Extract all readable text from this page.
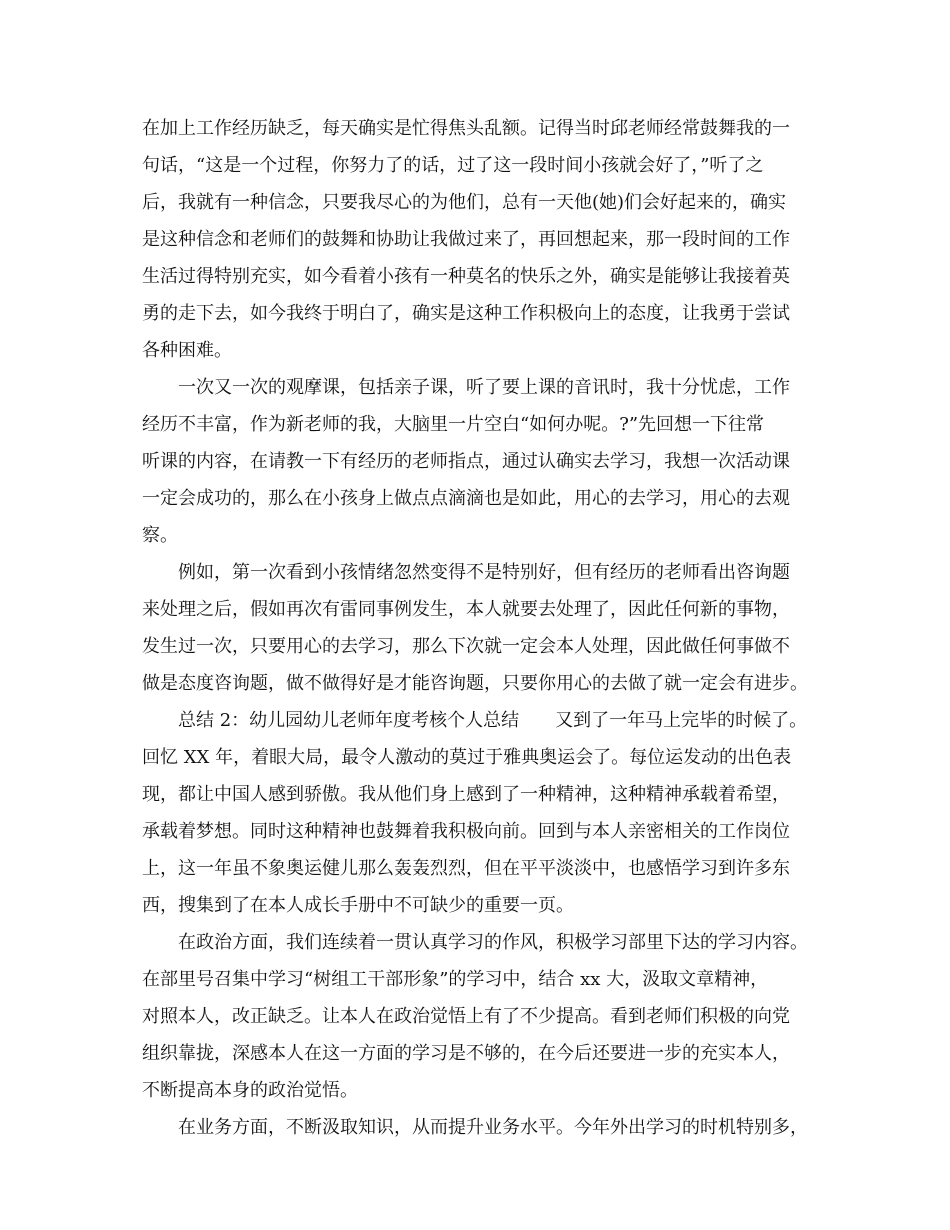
在加上工作经历缺乏，每天确实是忙得焦头乱额。记得当时邱老师经常鼓舞我的一
句话，“这是一个过程，你努力了的话，过了这一段时间小孩就会好了，”听了之
后，我就有一种信念，只要我尽心的为他们，总有一天他(她)们会好起来的，确实
是这种信念和老师们的鼓舞和协助让我做过来了，再回想起来，那一段时间的工作
生活过得特别充实，如今看着小孩有一种莫名的快乐之外，确实是能够让我接着英
勇的走下去，如今我终于明白了，确实是这种工作积极向上的态度，让我勇于尝试
各种困难。
　　一次又一次的观摩课，包括亲子课，听了要上课的音讯时，我十分忧虑，工作
经历不丰富，作为新老师的我，大脑里一片空白“如何办呢。?”先回想一下往常
听课的内容，在请教一下有经历的老师指点，通过认确实去学习，我想一次活动课
一定会成功的，那么在小孩身上做点点滴滴也是如此，用心的去学习，用心的去观
察。
　　例如，第一次看到小孩情绪忽然变得不是特别好，但有经历的老师看出咨询题
来处理之后，假如再次有雷同事例发生，本人就要去处理了，因此任何新的事物，
发生过一次，只要用心的去学习，那么下次就一定会本人处理，因此做任何事做不
做是态度咨询题，做不做得好是才能咨询题，只要你用心的去做了就一定会有进步。
　　总结 2：幼儿园幼儿老师年度考核个人总结　　又到了一年马上完毕的时候了。
回忆 XX 年，着眼大局，最令人激动的莫过于雅典奥运会了。每位运发动的出色表
现，都让中国人感到骄傲。我从他们身上感到了一种精神，这种精神承载着希望，
承载着梦想。同时这种精神也鼓舞着我积极向前。回到与本人亲密相关的工作岗位
上，这一年虽不象奥运健儿那么轰轰烈烈，但在平平淡淡中，也感悟学习到许多东
西，搜集到了在本人成长手册中不可缺少的重要一页。
　　在政治方面，我们连续着一贯认真学习的作风，积极学习部里下达的学习内容。
在部里号召集中学习“树组工干部形象”的学习中，结合 xx 大，汲取文章精神，
对照本人，改正缺乏。让本人在政治觉悟上有了不少提高。看到老师们积极的向党
组织靠拢，深感本人在这一方面的学习是不够的，在今后还要进一步的充实本人，
不断提高本身的政治觉悟。
　　在业务方面，不断汲取知识，从而提升业务水平。今年外出学习的时机特别多，
